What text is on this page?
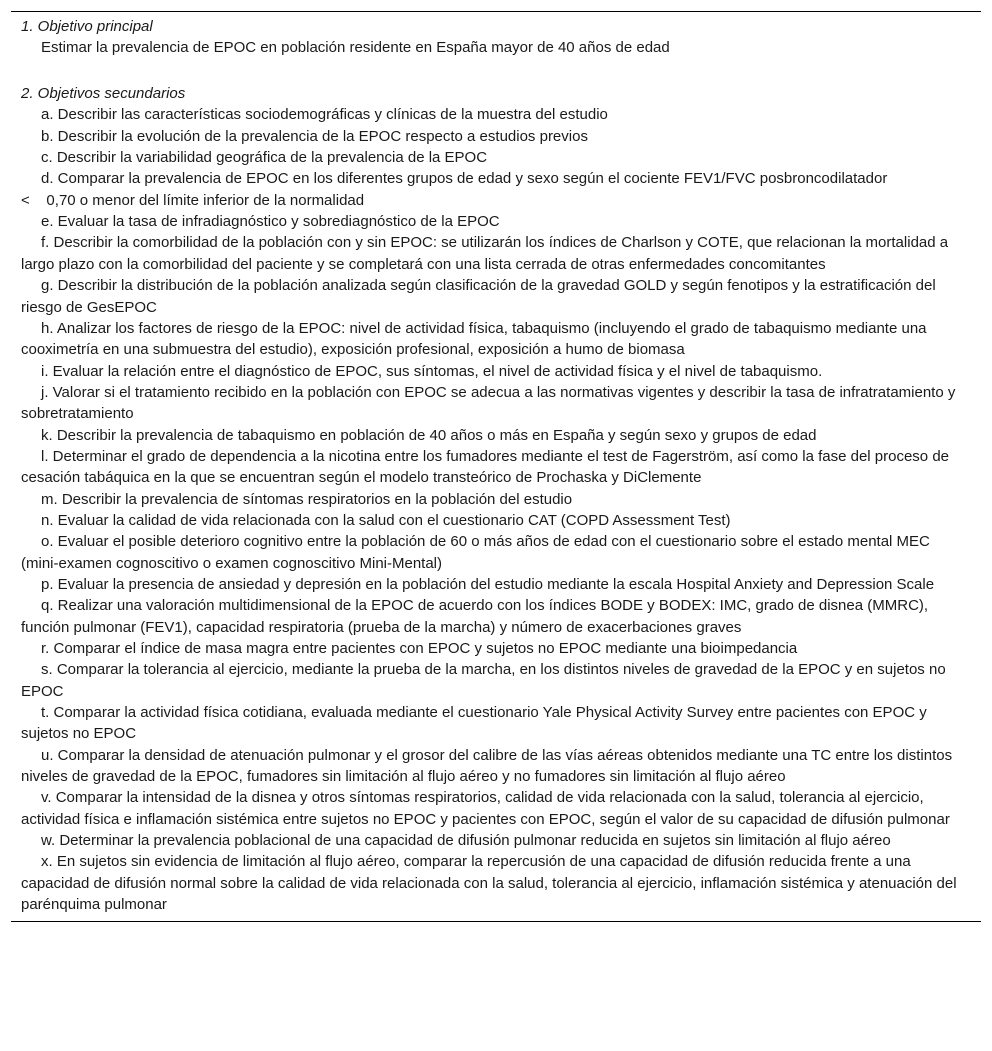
1. Objetivo principal

Estimar la prevalencia de EPOC en población residente en España mayor de 40 años de edad

2. Objetivos secundarios

a. Describir las características sociodemográficas y clínicas de la muestra del estudio

b. Describir la evolución de la prevalencia de la EPOC respecto a estudios previos

c. Describir la variabilidad geográfica de la prevalencia de la EPOC

d. Comparar la prevalencia de EPOC en los diferentes grupos de edad y sexo según el cociente FEV1/FVC posbroncodilatador

<    0,70 o menor del límite inferior de la normalidad

e. Evaluar la tasa de infradiagnóstico y sobrediagnóstico de la EPOC

f. Describir la comorbilidad de la población con y sin EPOC: se utilizarán los índices de Charlson y COTE, que relacionan la mortalidad a largo plazo con la comorbilidad del paciente y se completará con una lista cerrada de otras enfermedades concomitantes

g. Describir la distribución de la población analizada según clasificación de la gravedad GOLD y según fenotipos y la estratificación del riesgo de GesEPOC

h. Analizar los factores de riesgo de la EPOC: nivel de actividad física, tabaquismo (incluyendo el grado de tabaquismo mediante una cooximetría en una submuestra del estudio), exposición profesional, exposición a humo de biomasa

i. Evaluar la relación entre el diagnóstico de EPOC, sus síntomas, el nivel de actividad física y el nivel de tabaquismo.

j. Valorar si el tratamiento recibido en la población con EPOC se adecua a las normativas vigentes y describir la tasa de infratratamiento y sobretratamiento

k. Describir la prevalencia de tabaquismo en población de 40 años o más en España y según sexo y grupos de edad

l. Determinar el grado de dependencia a la nicotina entre los fumadores mediante el test de Fagerström, así como la fase del proceso de cesación tabáquica en la que se encuentran según el modelo transteórico de Prochaska y DiClemente

m. Describir la prevalencia de síntomas respiratorios en la población del estudio

n. Evaluar la calidad de vida relacionada con la salud con el cuestionario CAT (COPD Assessment Test)

o. Evaluar el posible deterioro cognitivo entre la población de 60 o más años de edad con el cuestionario sobre el estado mental MEC (mini-examen cognoscitivo o examen cognoscitivo Mini-Mental)

p. Evaluar la presencia de ansiedad y depresión en la población del estudio mediante la escala Hospital Anxiety and Depression Scale

q. Realizar una valoración multidimensional de la EPOC de acuerdo con los índices BODE y BODEX: IMC, grado de disnea (MMRC), función pulmonar (FEV1), capacidad respiratoria (prueba de la marcha) y número de exacerbaciones graves

r. Comparar el índice de masa magra entre pacientes con EPOC y sujetos no EPOC mediante una bioimpedancia

s. Comparar la tolerancia al ejercicio, mediante la prueba de la marcha, en los distintos niveles de gravedad de la EPOC y en sujetos no EPOC

t. Comparar la actividad física cotidiana, evaluada mediante el cuestionario Yale Physical Activity Survey entre pacientes con EPOC y sujetos no EPOC

u. Comparar la densidad de atenuación pulmonar y el grosor del calibre de las vías aéreas obtenidos mediante una TC entre los distintos niveles de gravedad de la EPOC, fumadores sin limitación al flujo aéreo y no fumadores sin limitación al flujo aéreo

v. Comparar la intensidad de la disnea y otros síntomas respiratorios, calidad de vida relacionada con la salud, tolerancia al ejercicio, actividad física e inflamación sistémica entre sujetos no EPOC y pacientes con EPOC, según el valor de su capacidad de difusión pulmonar

w. Determinar la prevalencia poblacional de una capacidad de difusión pulmonar reducida en sujetos sin limitación al flujo aéreo

x. En sujetos sin evidencia de limitación al flujo aéreo, comparar la repercusión de una capacidad de difusión reducida frente a una capacidad de difusión normal sobre la calidad de vida relacionada con la salud, tolerancia al ejercicio, inflamación sistémica y atenuación del parénquima pulmonar
